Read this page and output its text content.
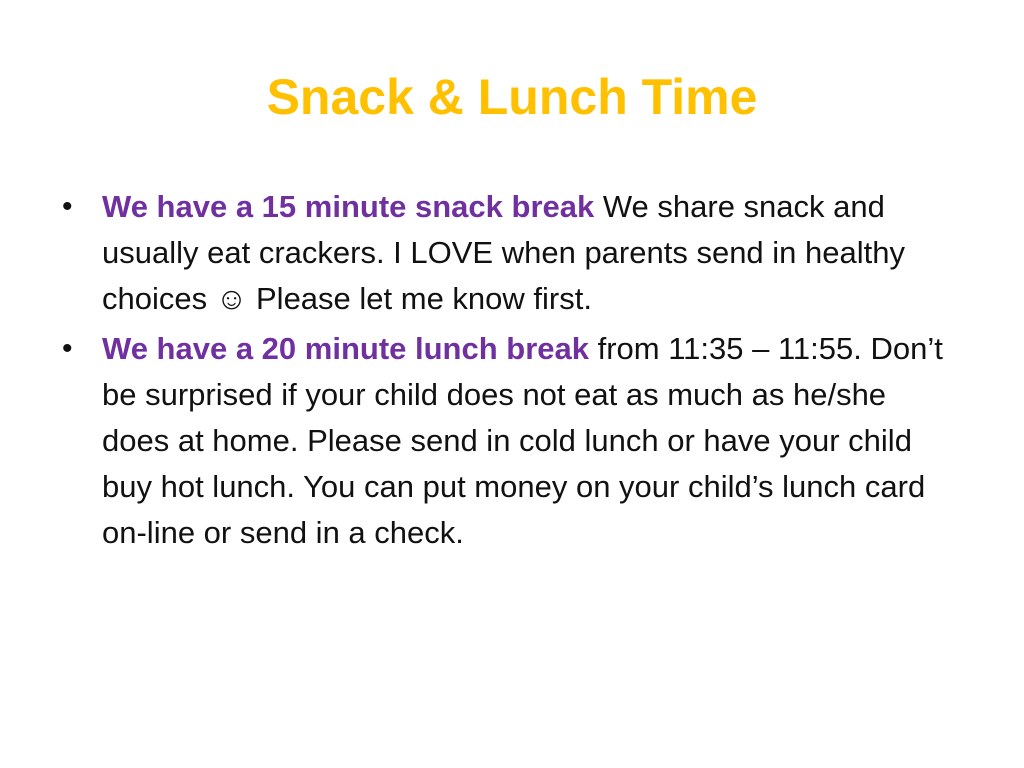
Snack & Lunch Time
• We have a 15 minute snack break We share snack and usually eat crackers. I LOVE when parents send in healthy choices ☺ Please let me know first.
• We have a 20 minute lunch break from 11:35 – 11:55. Don’t be surprised if your child does not eat as much as he/she does at home. Please send in cold lunch or have your child buy hot lunch. You can put money on your child’s lunch card on-line or send in a check.
